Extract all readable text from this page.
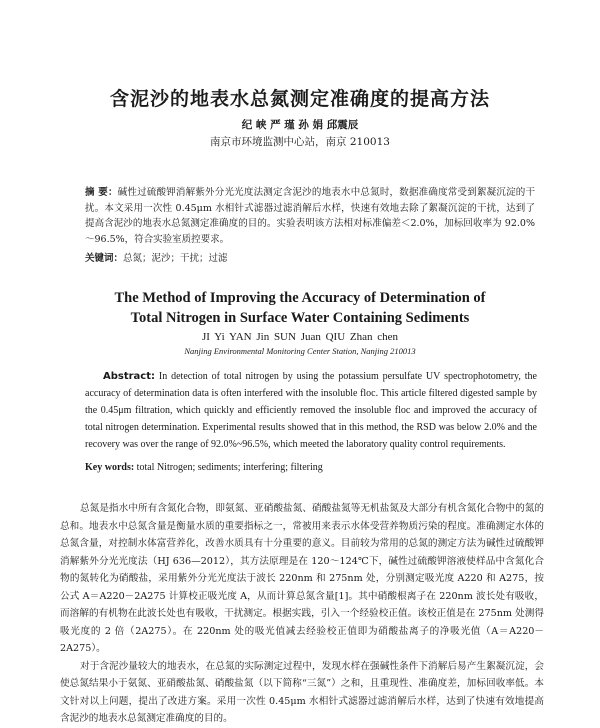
含泥沙的地表水总氮测定准确度的提高方法
纪 峡 严 瑾 孙 娟 邱震辰
南京市环境监测中心站，南京 210013
摘 要：碱性过硫酸钾消解紫外分光光度法测定含泥沙的地表水中总氮时，数据准确度常受到絮凝沉淀的干扰。本文采用一次性 0.45μm 水相针式滤器过滤消解后水样，快速有效地去除了絮凝沉淀的干扰，达到了提高含泥沙的地表水总氮测定准确度的目的。实验表明该方法相对标准偏差＜2.0%，加标回收率为 92.0%～96.5%，符合实验室质控要求。
关键词：总氮；泥沙；干扰；过滤
The Method of Improving the Accuracy of Determination of
Total Nitrogen in Surface Water Containing Sediments
JI Yi YAN Jin SUN Juan QIU Zhan chen
Nanjing Environmental Monitoring Center Station, Nanjing 210013
Abstract: In detection of total nitrogen by using the potassium persulfate UV spectrophotometry, the accuracy of determination data is often interfered with the insoluble floc. This article filtered digested sample by the 0.45μm filtration, which quickly and efficiently removed the insoluble floc and improved the accuracy of total nitrogen determination. Experimental results showed that in this method, the RSD was below 2.0% and the recovery was over the range of 92.0%~96.5%, which meeted the laboratory quality control requirements.
Key words: total Nitrogen; sediments; interfering; filtering

总氮是指水中所有含氮化合物，即氨氮、亚硝酸盐氮、硝酸盐氮等无机盐氮及大部分有机含氮化合物中的氮的总和。地表水中总氮含量是衡量水质的重要指标之一，常被用来表示水体受营养物质污染的程度。准确测定水体的总氮含量，对控制水体富营养化，改善水质具有十分重要的意义。目前较为常用的总氮的测定方法为碱性过硫酸钾消解紫外分光光度法（HJ 636—2012），其方法原理是在 120～124℃下，碱性过硫酸钾溶液使样品中含氮化合物的氮转化为硝酸盐，采用紫外分光光度法于波长 220nm 和 275nm 处，分别测定吸光度 A220 和 A275，按公式 A＝A220－2A275 计算校正吸光度 A，从而计算总氮含量[1]。其中硝酸根离子在 220nm 波长处有吸收，而溶解的有机物在此波长处也有吸收，干扰测定。根据实践，引入一个经验校正值。该校正值是在 275nm 处测得吸光度的 2 倍（2A275）。在 220nm 处的吸光值减去经验校正值即为硝酸盐离子的净吸光值（A＝A220－2A275）。

对于含泥沙量较大的地表水，在总氮的实际测定过程中，发现水样在强碱性条件下消解后易产生絮凝沉淀，会使总氮结果小于氨氮、亚硝酸盐氮、硝酸盐氮（以下简称“三氮”）之和，且重现性、准确度差，加标回收率低。本文针对以上问题，提出了改进方案。采用一次性 0.45μm 水相针式滤器过滤消解后水样，达到了快速有效地提高含泥沙的地表水总氮测定准确度的目的。
